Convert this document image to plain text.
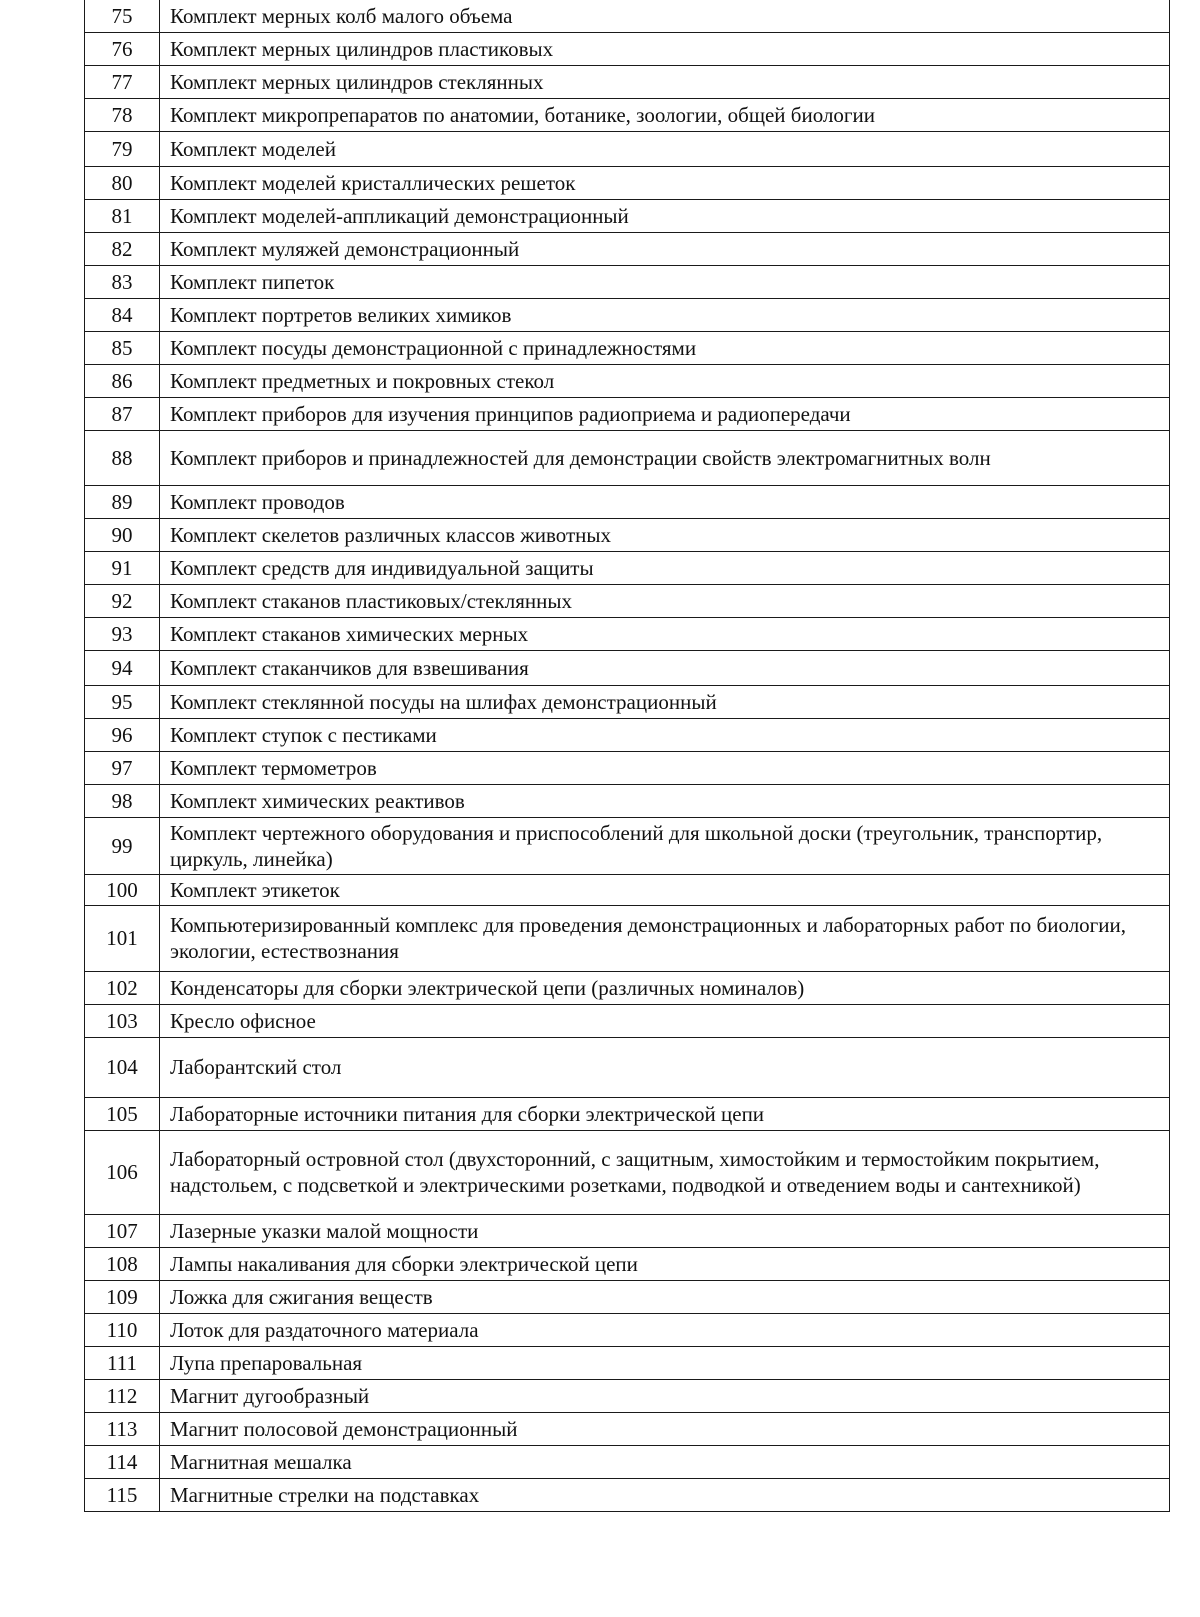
75	Комплект мерных колб малого объема
76	Комплект мерных цилиндров пластиковых
77	Комплект мерных цилиндров стеклянных
78	Комплект микропрепаратов по анатомии, ботанике, зоологии, общей биологии
79	Комплект моделей
80	Комплект моделей кристаллических решеток
81	Комплект моделей-аппликаций демонстрационный
82	Комплект муляжей демонстрационный
83	Комплект пипеток
84	Комплект портретов великих химиков
85	Комплект посуды демонстрационной с принадлежностями
86	Комплект предметных и покровных стекол
87	Комплект приборов для изучения принципов радиоприема и радиопередачи
88	Комплект приборов и принадлежностей для демонстрации свойств электромагнитных волн
89	Комплект проводов
90	Комплект скелетов различных классов животных
91	Комплект средств для индивидуальной защиты
92	Комплект стаканов пластиковых/стеклянных
93	Комплект стаканов химических мерных
94	Комплект стаканчиков для взвешивания
95	Комплект стеклянной посуды на шлифах демонстрационный
96	Комплект ступок с пестиками
97	Комплект термометров
98	Комплект химических реактивов
99	Комплект чертежного оборудования и приспособлений для школьной доски (треугольник, транспортир, циркуль, линейка)
100	Комплект этикеток
101	Компьютеризированный комплекс для проведения демонстрационных и лабораторных работ по биологии, экологии, естествознания
102	Конденсаторы для сборки электрической цепи (различных номиналов)
103	Кресло офисное
104	Лаборантский стол
105	Лабораторные источники питания для сборки электрической цепи
106	Лабораторный островной стол (двухсторонний, с защитным, химостойким и термостойким покрытием, надстольем, с подсветкой и электрическими розетками, подводкой и отведением воды и сантехникой)
107	Лазерные указки малой мощности
108	Лампы накаливания для сборки электрической цепи
109	Ложка для сжигания веществ
110	Лоток для раздаточного материала
111	Лупа препаровальная
112	Магнит дугообразный
113	Магнит полосовой демонстрационный
114	Магнитная мешалка
115	Магнитные стрелки на подставках
